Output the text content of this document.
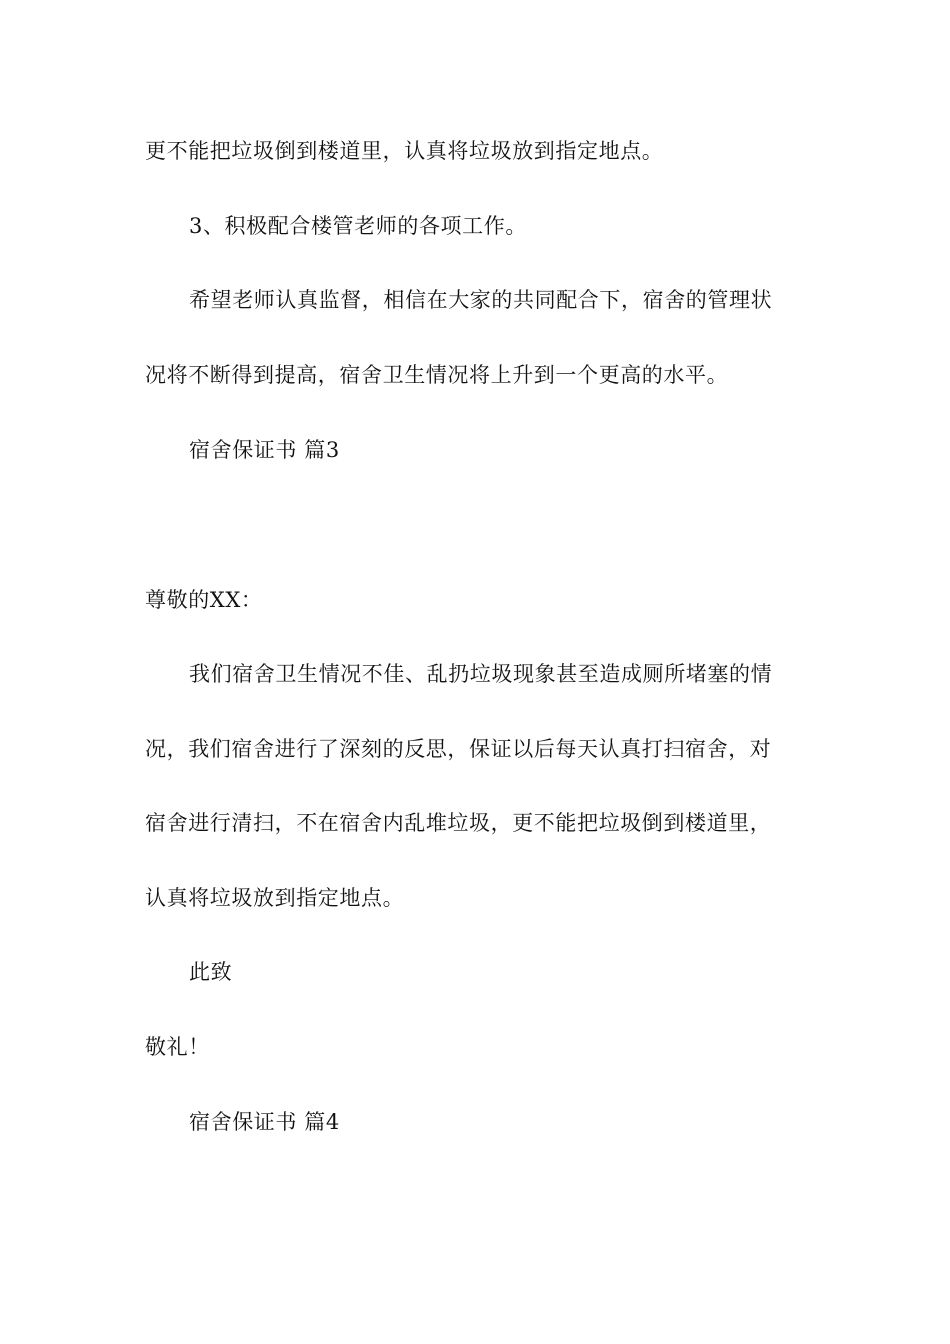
更不能把垃圾倒到楼道里，认真将垃圾放到指定地点。
3、积极配合楼管老师的各项工作。
希望老师认真监督，相信在大家的共同配合下，宿舍的管理状
况将不断得到提高，宿舍卫生情况将上升到一个更高的水平。
宿舍保证书 篇3
尊敬的XX：
我们宿舍卫生情况不佳、乱扔垃圾现象甚至造成厕所堵塞的情
况，我们宿舍进行了深刻的反思，保证以后每天认真打扫宿舍，对
宿舍进行清扫，不在宿舍内乱堆垃圾，更不能把垃圾倒到楼道里，
认真将垃圾放到指定地点。
此致
敬礼！
宿舍保证书 篇4
